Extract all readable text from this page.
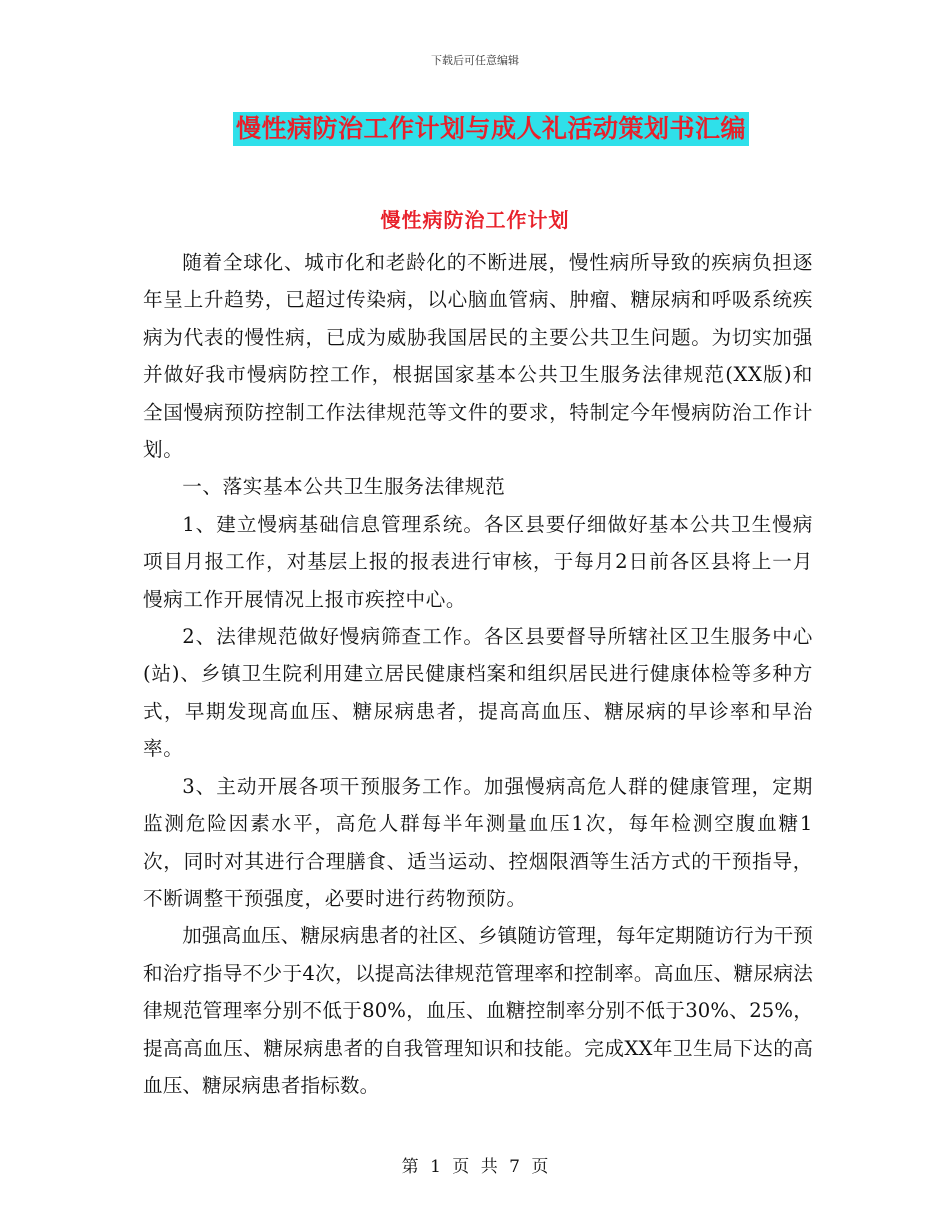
下载后可任意编辑
慢性病防治工作计划与成人礼活动策划书汇编
慢性病防治工作计划

随着全球化、城市化和老龄化的不断进展，慢性病所导致的疾病负担逐年呈上升趋势，已超过传染病，以心脑血管病、肿瘤、糖尿病和呼吸系统疾病为代表的慢性病，已成为威胁我国居民的主要公共卫生问题。为切实加强并做好我市慢病防控工作，根据国家基本公共卫生服务法律规范(XX版)和全国慢病预防控制工作法律规范等文件的要求，特制定今年慢病防治工作计划。

一、落实基本公共卫生服务法律规范

1、建立慢病基础信息管理系统。各区县要仔细做好基本公共卫生慢病项目月报工作，对基层上报的报表进行审核，于每月2日前各区县将上一月慢病工作开展情况上报市疾控中心。

2、法律规范做好慢病筛查工作。各区县要督导所辖社区卫生服务中心(站)、乡镇卫生院利用建立居民健康档案和组织居民进行健康体检等多种方式，早期发现高血压、糖尿病患者，提高高血压、糖尿病的早诊率和早治率。

3、主动开展各项干预服务工作。加强慢病高危人群的健康管理，定期监测危险因素水平，高危人群每半年测量血压1次，每年检测空腹血糖1次，同时对其进行合理膳食、适当运动、控烟限酒等生活方式的干预指导，不断调整干预强度，必要时进行药物预防。

加强高血压、糖尿病患者的社区、乡镇随访管理，每年定期随访行为干预和治疗指导不少于4次，以提高法律规范管理率和控制率。高血压、糖尿病法律规范管理率分别不低于80%，血压、血糖控制率分别不低于30%、25%，提高高血压、糖尿病患者的自我管理知识和技能。完成XX年卫生局下达的高血压、糖尿病患者指标数。

第 1 页 共 7 页
